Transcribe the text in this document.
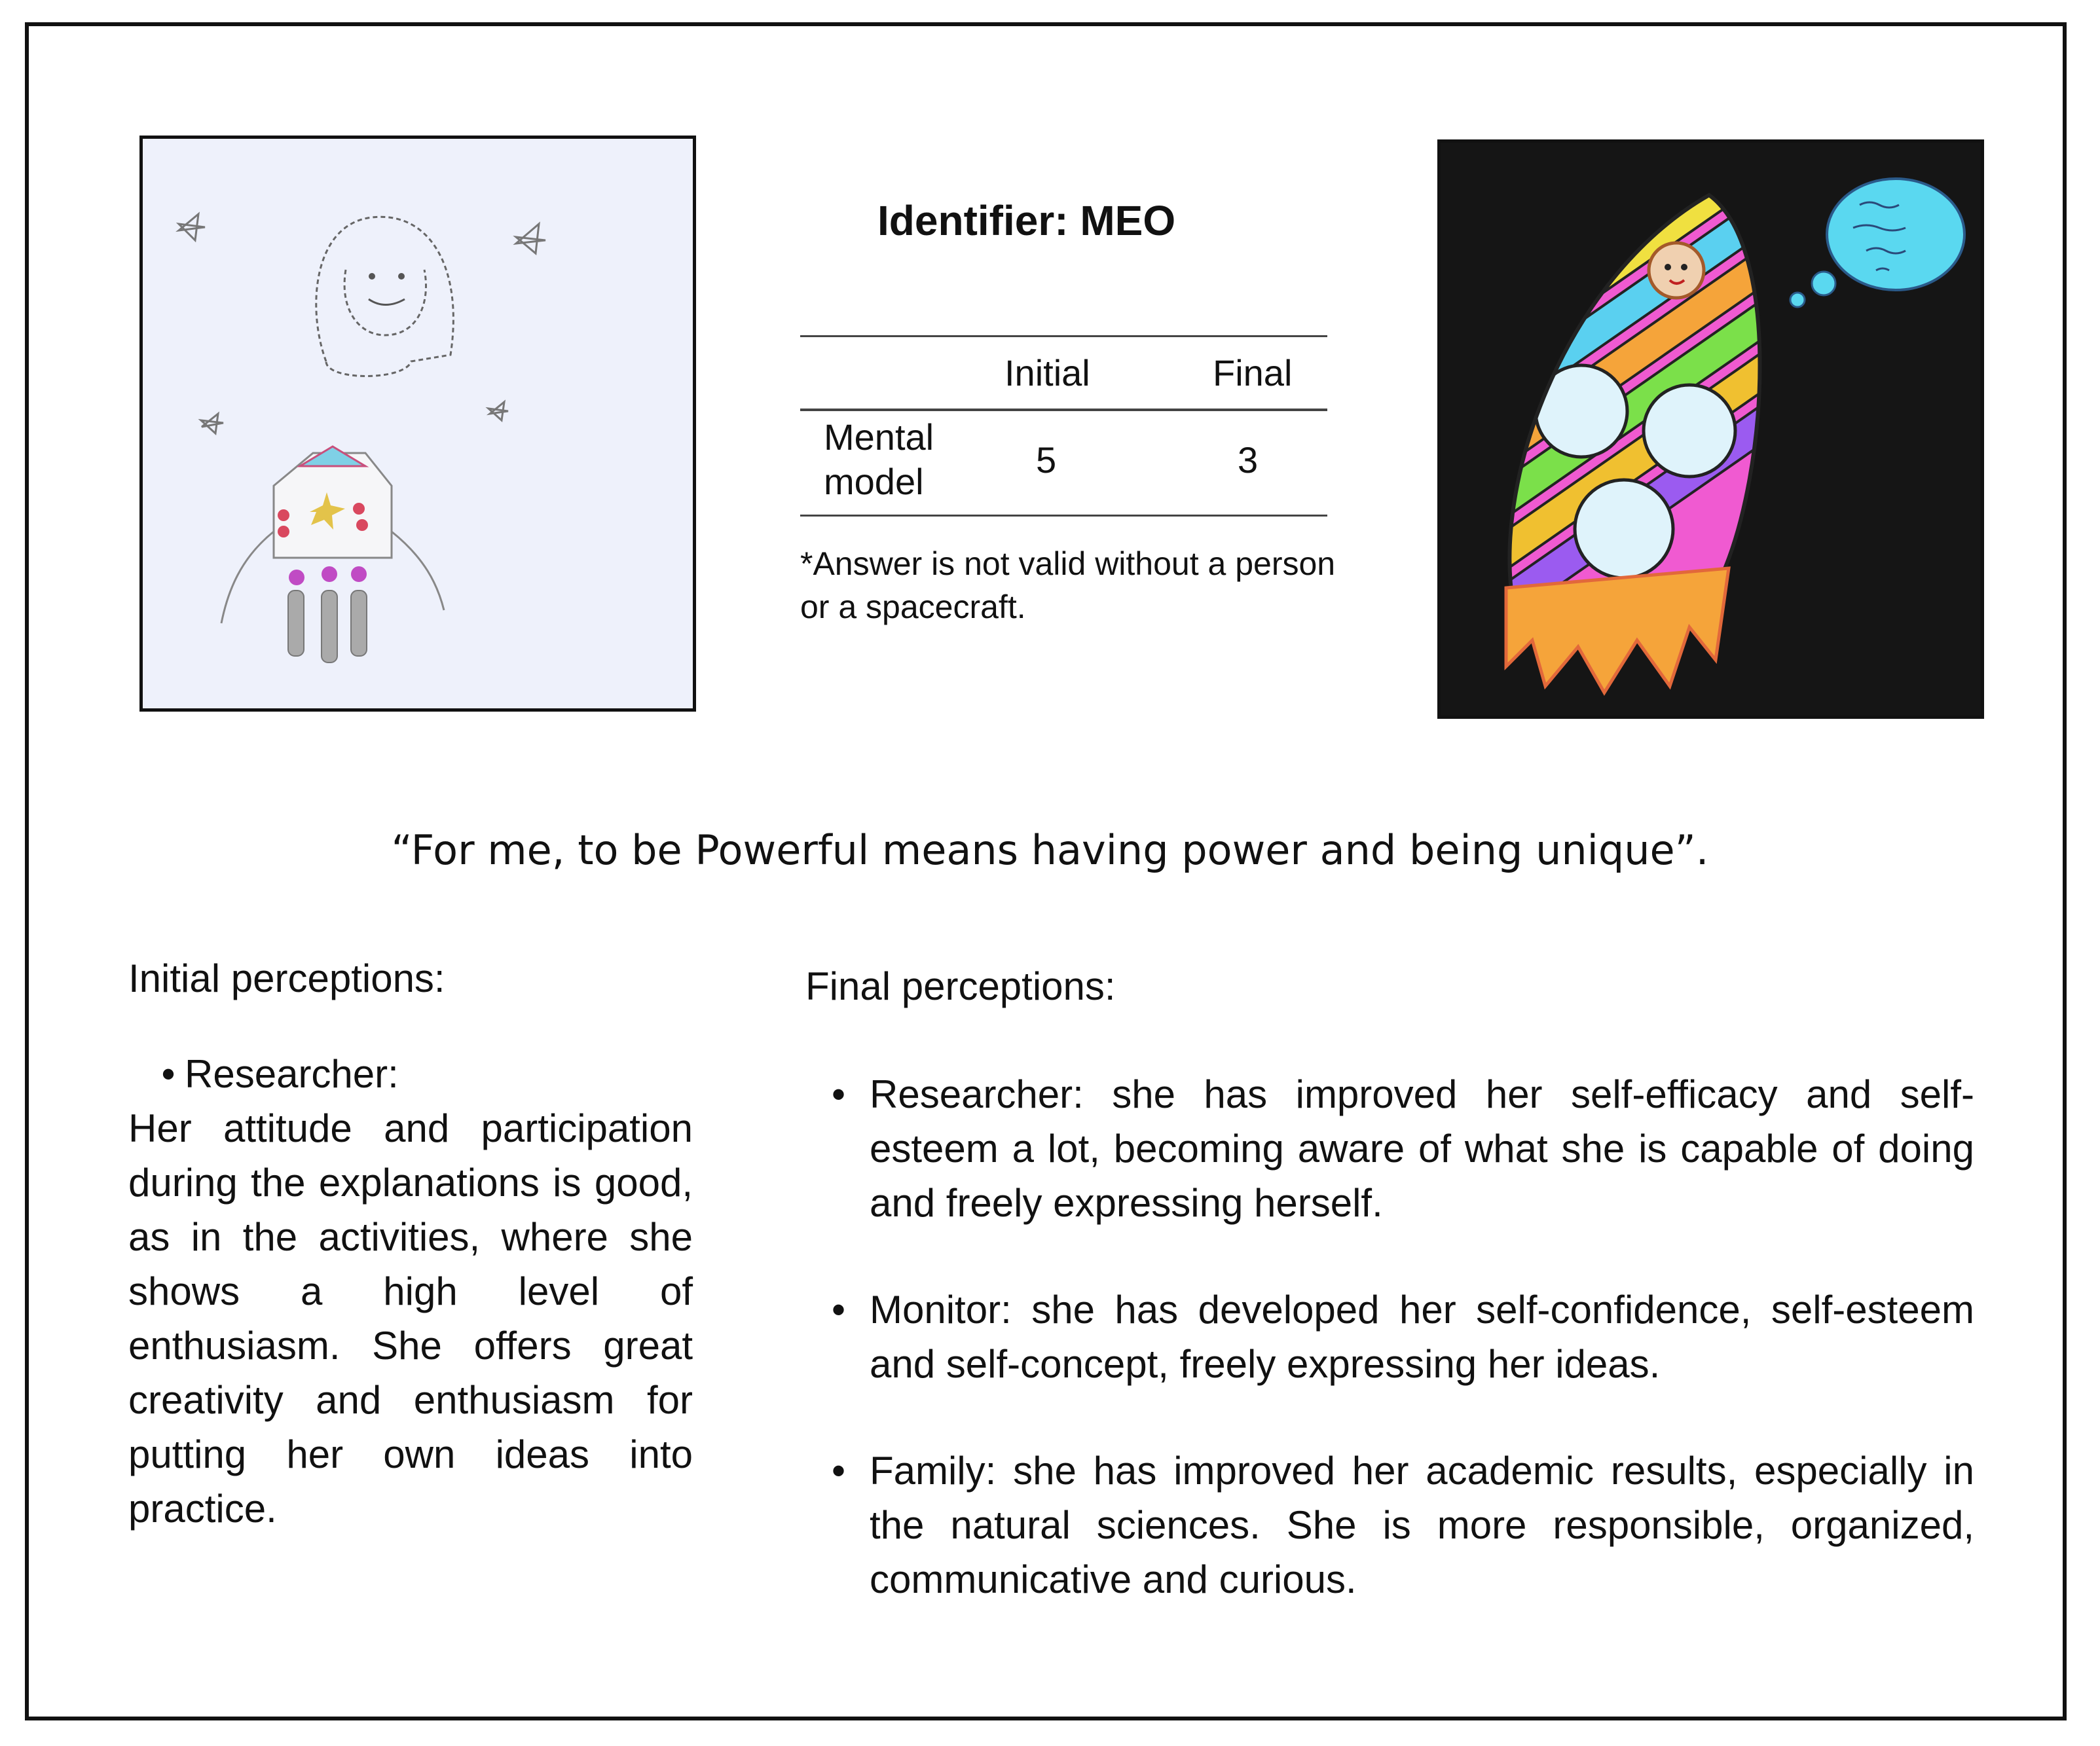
Identifier: MEO
Initial	Final
Mental
model
5	3
*Answer is not valid without a person
or a spacecraft.
“For me, to be Powerful means having power and being unique”.
Initial perceptions:
• Researcher:

Her attitude and participation during the explanations is good, as in the activities, where she shows a high level of enthusiasm. She offers great creativity and enthusiasm for putting her own ideas into practice.

Final perceptions:
• Researcher: she has improved her self-efficacy and self-esteem a lot, becoming aware of what she is capable of doing and freely expressing herself.
• Monitor: she has developed her self-confidence, self-esteem and self-concept, freely expressing her ideas.
• Family: she has improved her academic results, especially in the natural sciences. She is more responsible, organized, communicative and curious.
